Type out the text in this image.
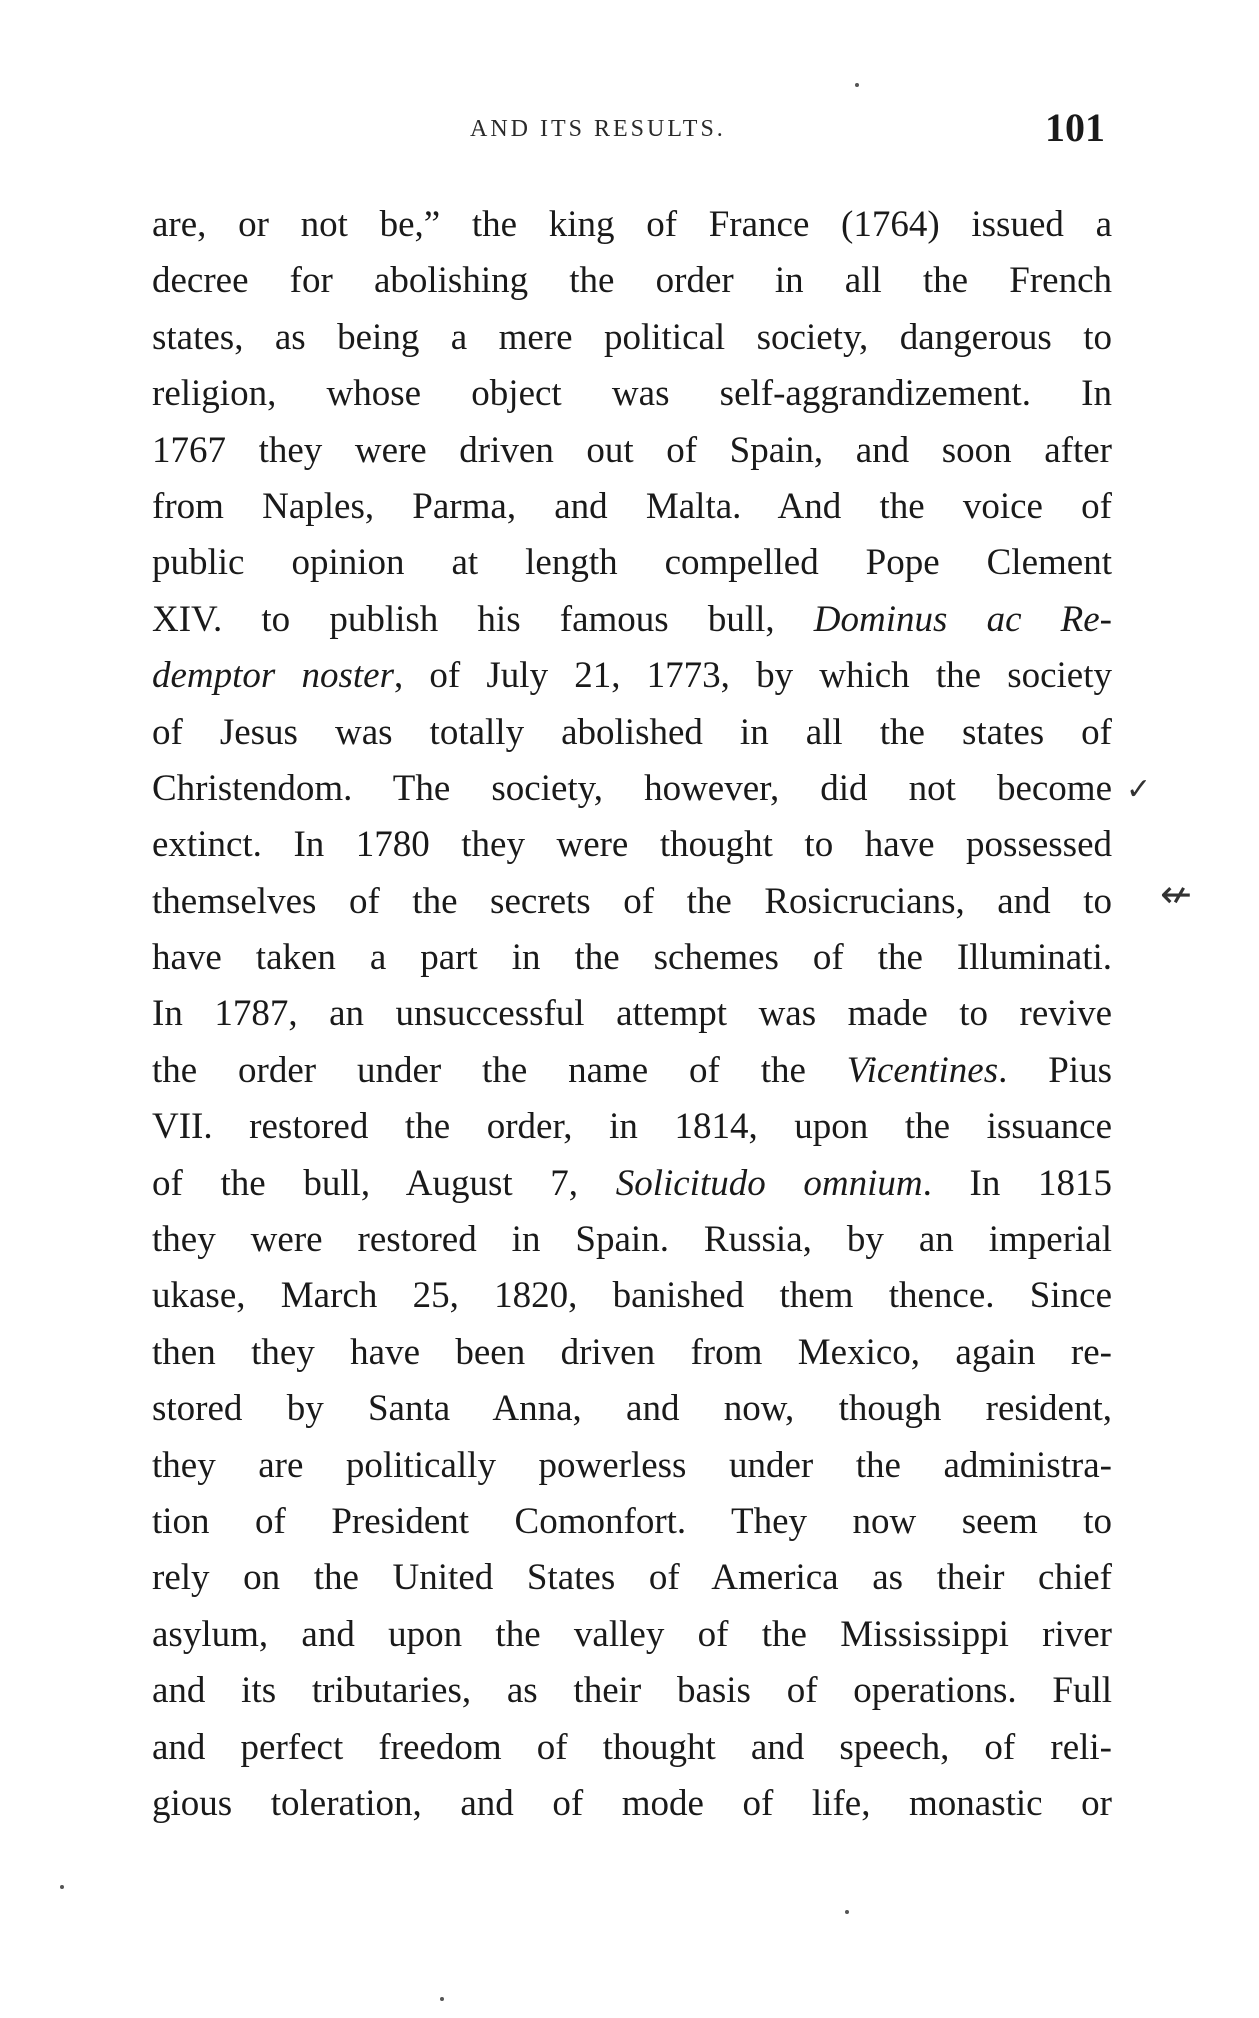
AND ITS RESULTS.	101
are, or not be,” the king of France (1764) issued a
decree for abolishing the order in all the French
states, as being a mere political society, dangerous to
religion, whose object was self-aggrandizement. In
1767 they were driven out of Spain, and soon after
from Naples, Parma, and Malta. And the voice of
public opinion at length compelled Pope Clement
XIV. to publish his famous bull, Dominus ac Re-
demptor noster, of July 21, 1773, by which the society
of Jesus was totally abolished in all the states of
Christendom. The society, however, did not become
extinct. In 1780 they were thought to have possessed
themselves of the secrets of the Rosicrucians, and to
have taken a part in the schemes of the Illuminati.
In 1787, an unsuccessful attempt was made to revive
the order under the name of the Vicentines. Pius
VII. restored the order, in 1814, upon the issuance
of the bull, August 7, Solicitudo omnium. In 1815
they were restored in Spain. Russia, by an imperial
ukase, March 25, 1820, banished them thence. Since
then they have been driven from Mexico, again re-
stored by Santa Anna, and now, though resident,
they are politically powerless under the administra-
tion of President Comonfort. They now seem to
rely on the United States of America as their chief
asylum, and upon the valley of the Mississippi river
and its tributaries, as their basis of operations. Full
and perfect freedom of thought and speech, of reli-
gious toleration, and of mode of life, monastic or
✓
↚
